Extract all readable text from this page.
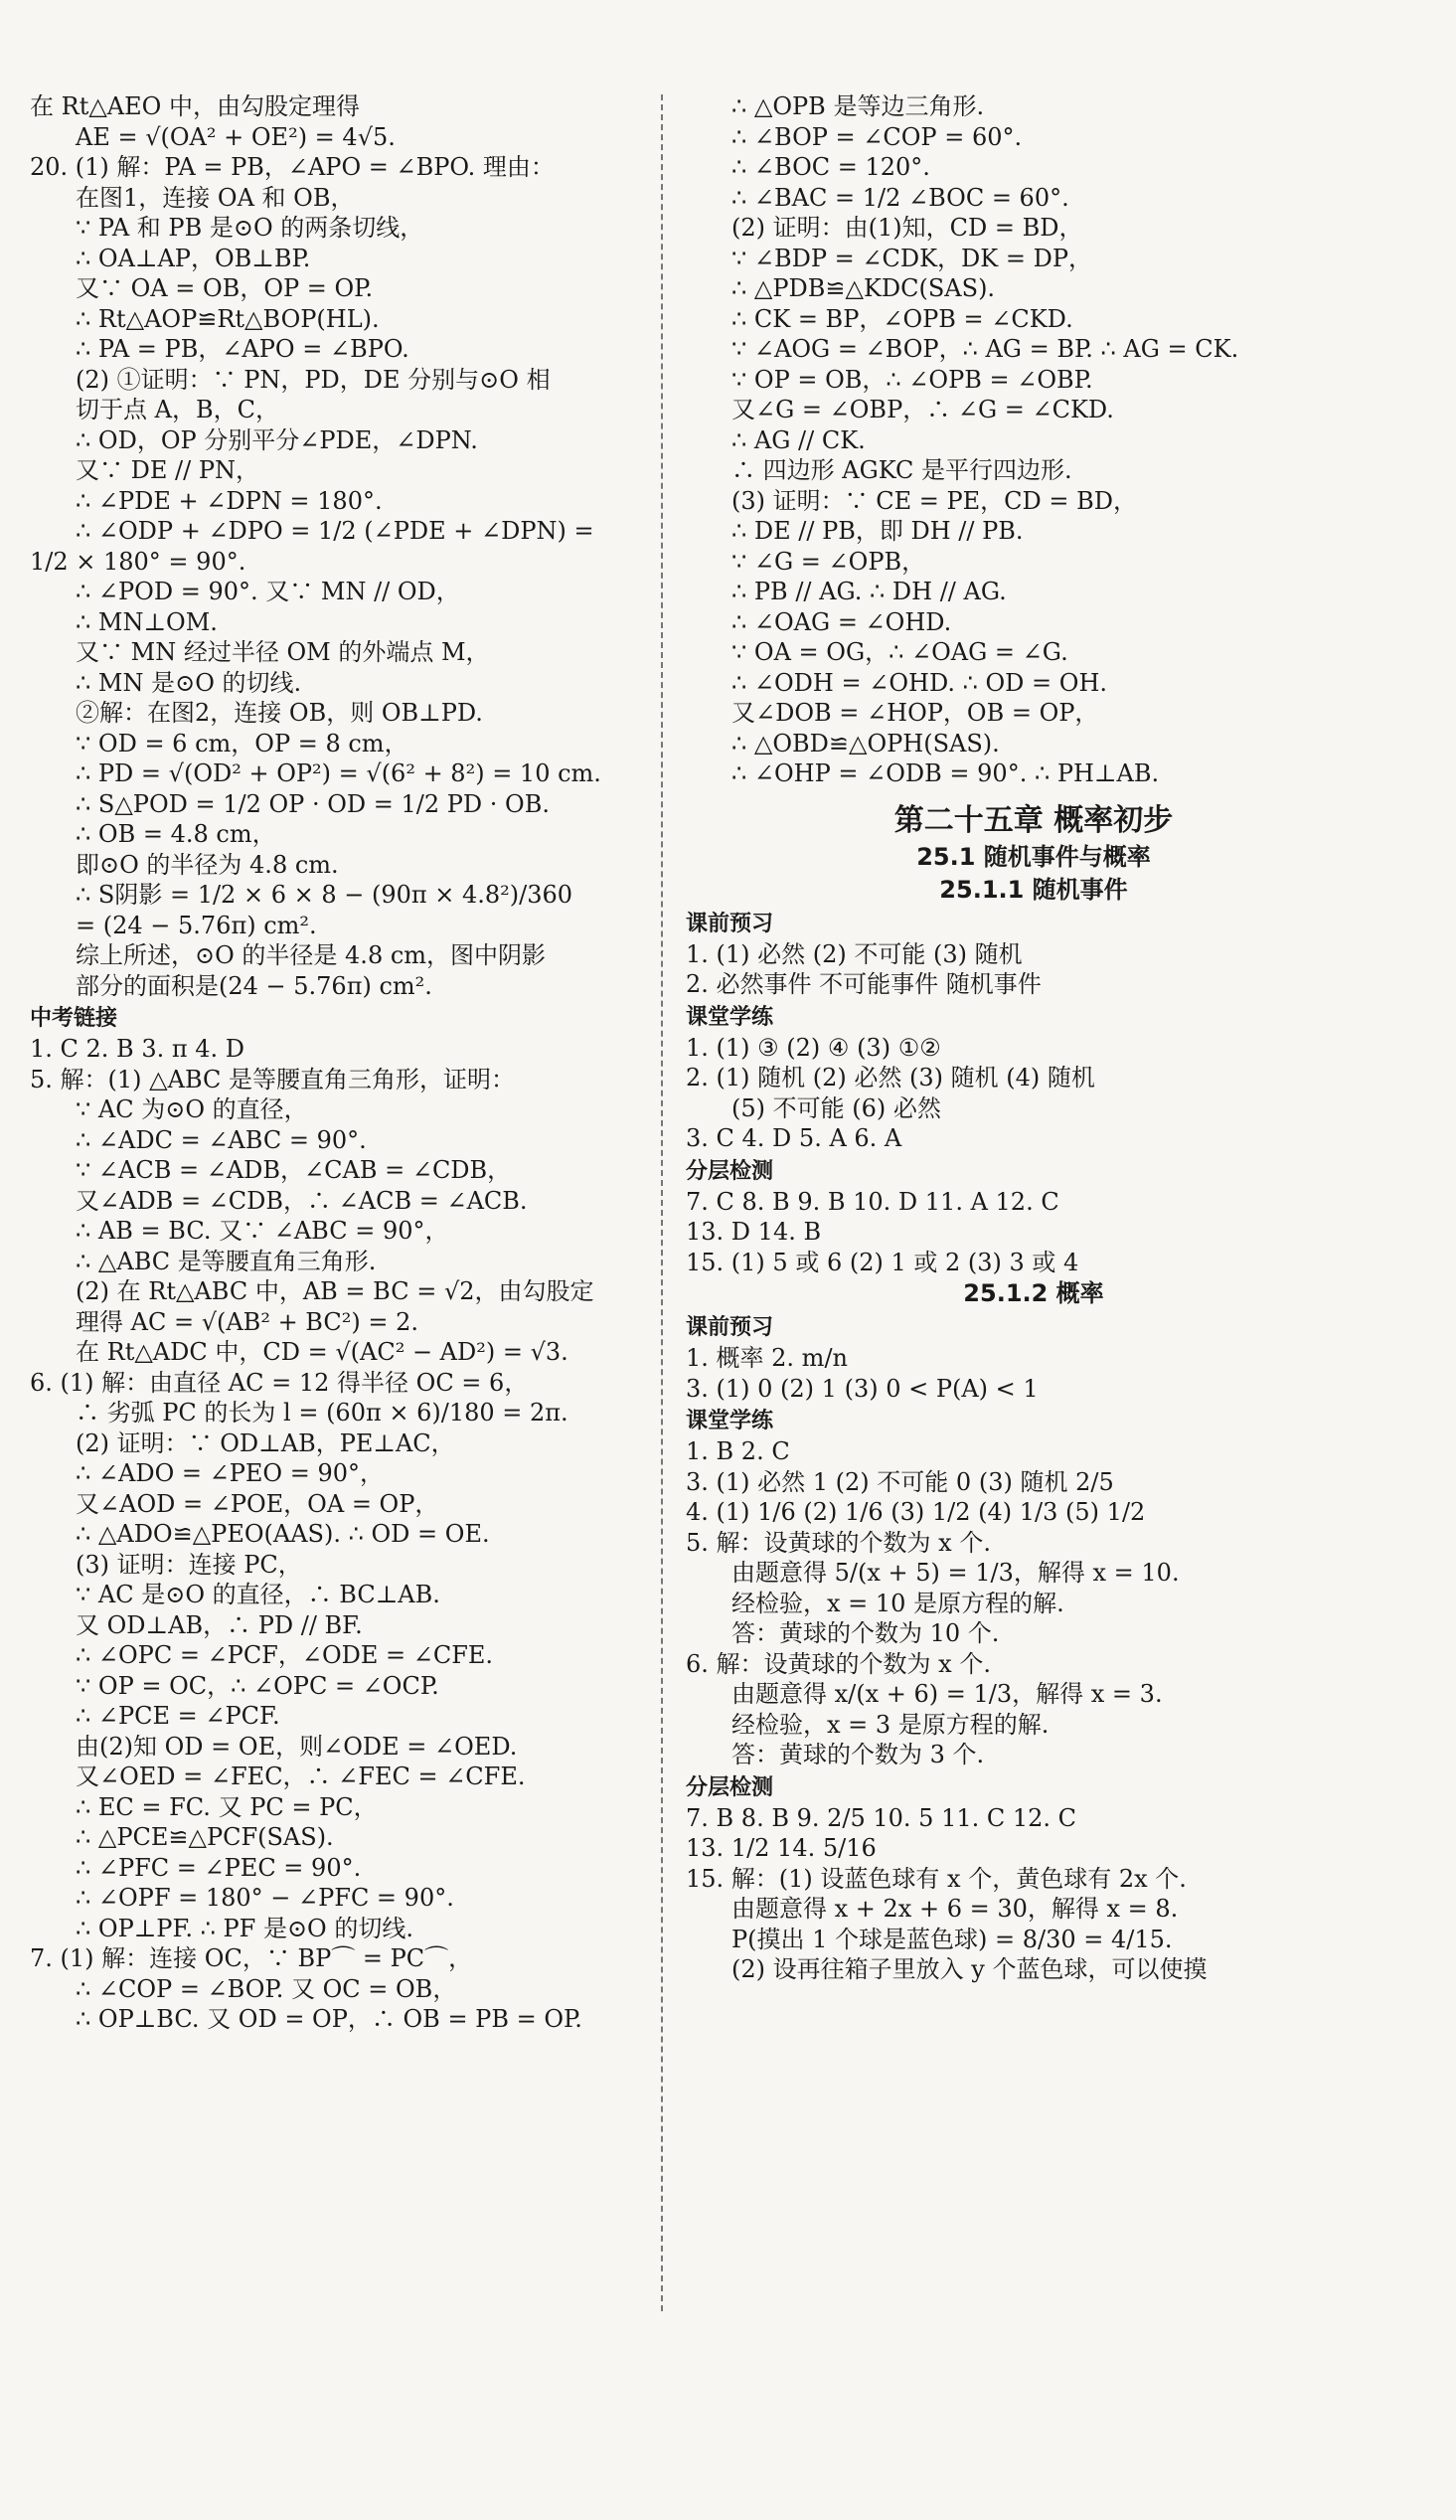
在 Rt△AEO 中，由勾股定理得
AE = √(OA² + OE²) = 4√5.
20. (1) 解：PA = PB，∠APO = ∠BPO. 理由：
在图1，连接 OA 和 OB，
∵ PA 和 PB 是⊙O 的两条切线，
∴ OA⊥AP，OB⊥BP.
又∵ OA = OB，OP = OP.
∴ Rt△AOP≌Rt△BOP(HL).
∴ PA = PB，∠APO = ∠BPO.
(2) ①证明：∵ PN，PD，DE 分别与⊙O 相
切于点 A，B，C，
∴ OD，OP 分别平分∠PDE，∠DPN.
又∵ DE // PN，
∴ ∠PDE + ∠DPN = 180°.
∴ ∠ODP + ∠DPO = 1/2 (∠PDE + ∠DPN) =
1/2 × 180° = 90°.
∴ ∠POD = 90°. 又∵ MN // OD，
∴ MN⊥OM.
又∵ MN 经过半径 OM 的外端点 M，
∴ MN 是⊙O 的切线.
②解：在图2，连接 OB，则 OB⊥PD.
∵ OD = 6 cm，OP = 8 cm，
∴ PD = √(OD² + OP²) = √(6² + 8²) = 10 cm.
∴ S△POD = 1/2 OP · OD = 1/2 PD · OB.
∴ OB = 4.8 cm，
即⊙O 的半径为 4.8 cm.
∴ S阴影 = 1/2 × 6 × 8 − (90π × 4.8²)/360
= (24 − 5.76π) cm².
综上所述，⊙O 的半径是 4.8 cm，图中阴影
部分的面积是(24 − 5.76π) cm².
中考链接
1. C 2. B 3. π 4. D
5. 解：(1) △ABC 是等腰直角三角形，证明：
∵ AC 为⊙O 的直径，
∴ ∠ADC = ∠ABC = 90°.
∵ ∠ACB = ∠ADB，∠CAB = ∠CDB，
又∠ADB = ∠CDB，∴ ∠ACB = ∠ACB.
∴ AB = BC. 又∵ ∠ABC = 90°，
∴ △ABC 是等腰直角三角形.
(2) 在 Rt△ABC 中，AB = BC = √2，由勾股定
理得 AC = √(AB² + BC²) = 2.
在 Rt△ADC 中，CD = √(AC² − AD²) = √3.
6. (1) 解：由直径 AC = 12 得半径 OC = 6，
∴ 劣弧 PC 的长为 l = (60π × 6)/180 = 2π.
(2) 证明：∵ OD⊥AB，PE⊥AC，
∴ ∠ADO = ∠PEO = 90°，
又∠AOD = ∠POE，OA = OP，
∴ △ADO≌△PEO(AAS). ∴ OD = OE.
(3) 证明：连接 PC，
∵ AC 是⊙O 的直径，∴ BC⊥AB.
又 OD⊥AB，∴ PD // BF.
∴ ∠OPC = ∠PCF，∠ODE = ∠CFE.
∵ OP = OC，∴ ∠OPC = ∠OCP.
∴ ∠PCE = ∠PCF.
由(2)知 OD = OE，则∠ODE = ∠OED.
又∠OED = ∠FEC，∴ ∠FEC = ∠CFE.
∴ EC = FC. 又 PC = PC，
∴ △PCE≌△PCF(SAS).
∴ ∠PFC = ∠PEC = 90°.
∴ ∠OPF = 180° − ∠PFC = 90°.
∴ OP⊥PF. ∴ PF 是⊙O 的切线.
7. (1) 解：连接 OC，∵ BP⌒ = PC⌒，
∴ ∠COP = ∠BOP. 又 OC = OB，
∴ OP⊥BC. 又 OD = OP，∴ OB = PB = OP.
∴ △OPB 是等边三角形.
∴ ∠BOP = ∠COP = 60°.
∴ ∠BOC = 120°.
∴ ∠BAC = 1/2 ∠BOC = 60°.
(2) 证明：由(1)知，CD = BD，
∵ ∠BDP = ∠CDK，DK = DP，
∴ △PDB≌△KDC(SAS).
∴ CK = BP，∠OPB = ∠CKD.
∵ ∠AOG = ∠BOP，∴ AG = BP. ∴ AG = CK.
∵ OP = OB，∴ ∠OPB = ∠OBP.
又∠G = ∠OBP，∴ ∠G = ∠CKD.
∴ AG // CK.
∴ 四边形 AGKC 是平行四边形.
(3) 证明：∵ CE = PE，CD = BD，
∴ DE // PB，即 DH // PB.
∵ ∠G = ∠OPB，
∴ PB // AG. ∴ DH // AG.
∴ ∠OAG = ∠OHD.
∵ OA = OG，∴ ∠OAG = ∠G.
∴ ∠ODH = ∠OHD. ∴ OD = OH.
又∠DOB = ∠HOP，OB = OP，
∴ △OBD≌△OPH(SAS).
∴ ∠OHP = ∠ODB = 90°. ∴ PH⊥AB.
第二十五章 概率初步
25.1 随机事件与概率
25.1.1 随机事件
课前预习
1. (1) 必然 (2) 不可能 (3) 随机
2. 必然事件 不可能事件 随机事件
课堂学练
1. (1) ③ (2) ④ (3) ①②
2. (1) 随机 (2) 必然 (3) 随机 (4) 随机
(5) 不可能 (6) 必然
3. C 4. D 5. A 6. A
分层检测
7. C 8. B 9. B 10. D 11. A 12. C
13. D 14. B
15. (1) 5 或 6 (2) 1 或 2 (3) 3 或 4
25.1.2 概率
课前预习
1. 概率 2. m/n
3. (1) 0 (2) 1 (3) 0 < P(A) < 1
课堂学练
1. B 2. C
3. (1) 必然 1 (2) 不可能 0 (3) 随机 2/5
4. (1) 1/6 (2) 1/6 (3) 1/2 (4) 1/3 (5) 1/2
5. 解：设黄球的个数为 x 个.
由题意得 5/(x + 5) = 1/3，解得 x = 10.
经检验，x = 10 是原方程的解.
答：黄球的个数为 10 个.
6. 解：设黄球的个数为 x 个.
由题意得 x/(x + 6) = 1/3，解得 x = 3.
经检验，x = 3 是原方程的解.
答：黄球的个数为 3 个.
分层检测
7. B 8. B 9. 2/5 10. 5 11. C 12. C
13. 1/2 14. 5/16
15. 解：(1) 设蓝色球有 x 个，黄色球有 2x 个.
由题意得 x + 2x + 6 = 30，解得 x = 8.
P(摸出 1 个球是蓝色球) = 8/30 = 4/15.
(2) 设再往箱子里放入 y 个蓝色球，可以使摸
